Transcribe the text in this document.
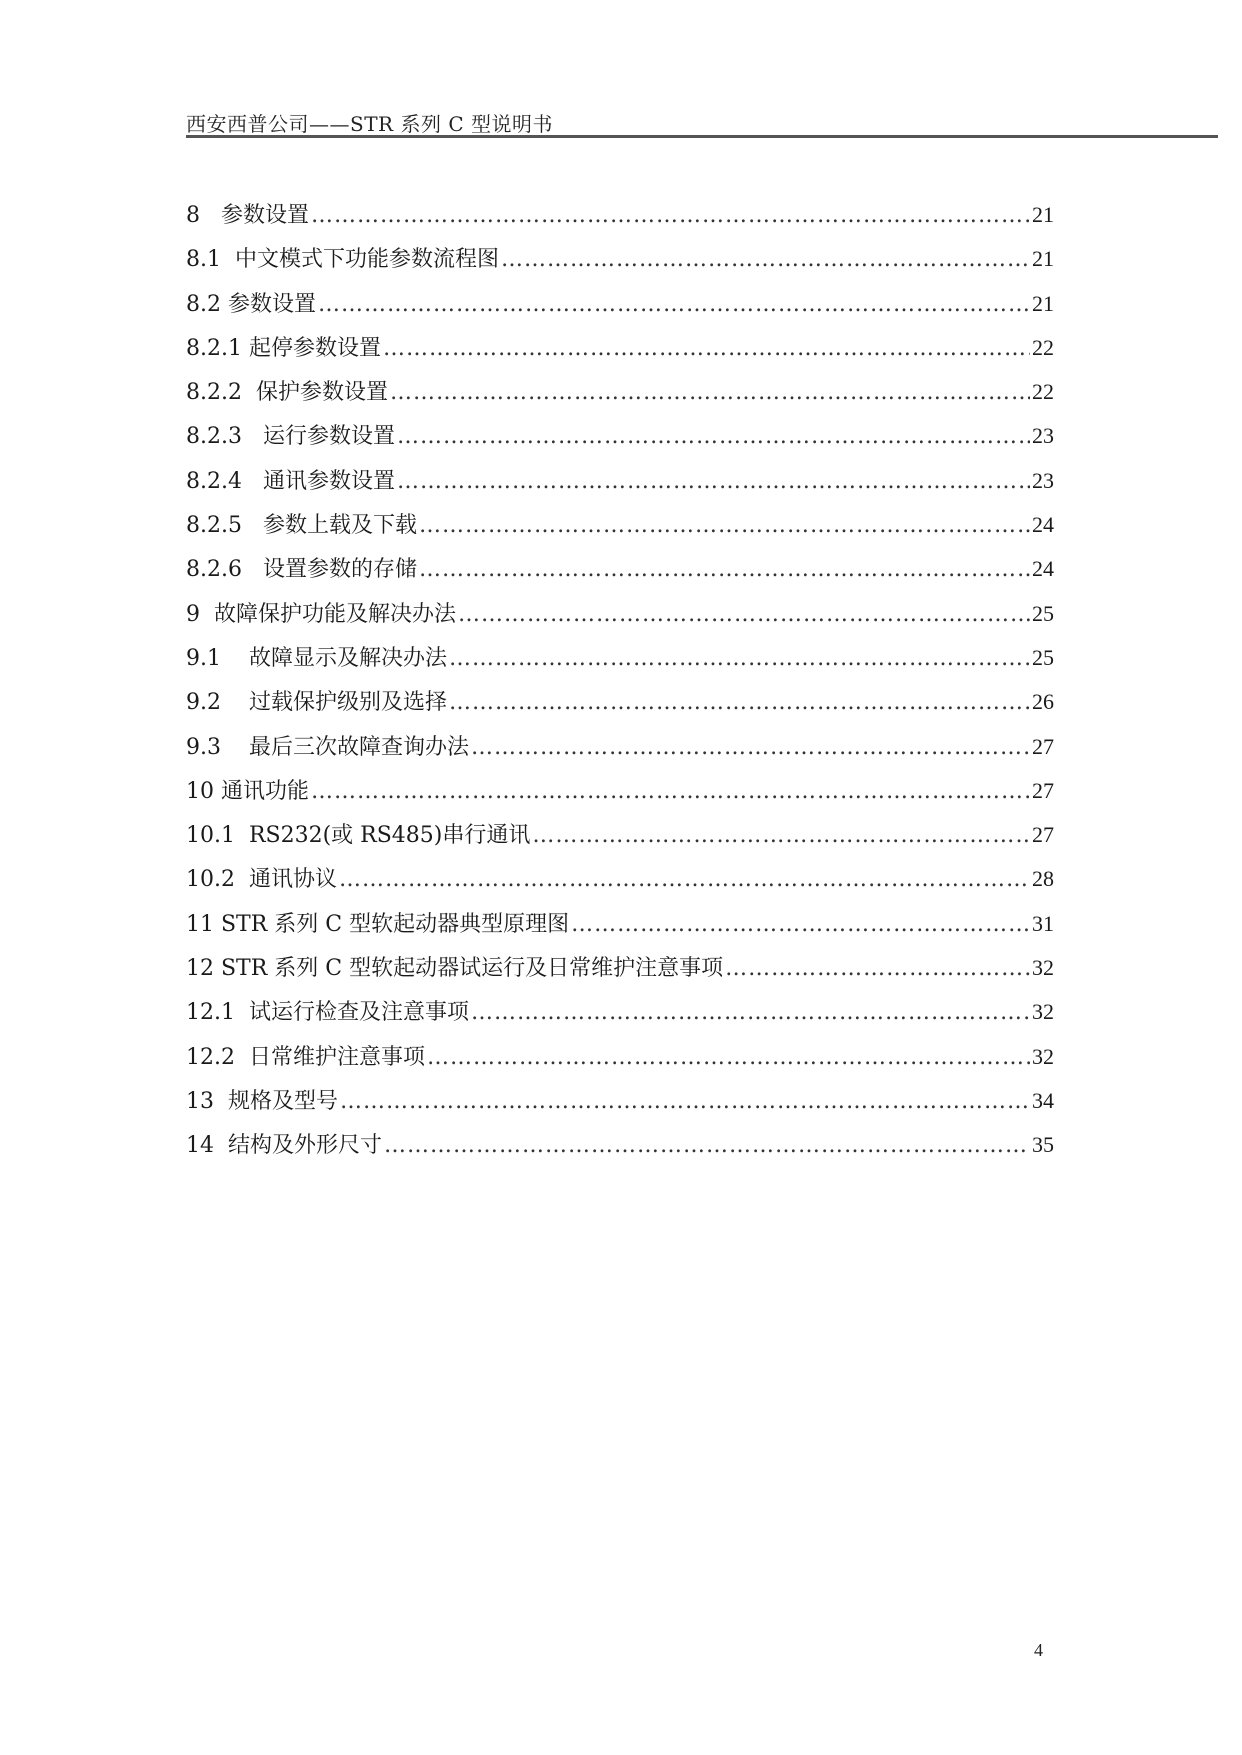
西安西普公司——STR 系列 C 型说明书
8   参数设置 ……………………………………………………………………………………………………………………………………………………………………………………	21
8.1  中文模式下功能参数流程图 ……………………………………………………………………………………………………………………………………………………………………………………	21
8.2 参数设置 ……………………………………………………………………………………………………………………………………………………………………………………	21
8.2.1 起停参数设置 ……………………………………………………………………………………………………………………………………………………………………………………	22
8.2.2  保护参数设置 ……………………………………………………………………………………………………………………………………………………………………………………	22
8.2.3   运行参数设置 ……………………………………………………………………………………………………………………………………………………………………………………	23
8.2.4   通讯参数设置 ……………………………………………………………………………………………………………………………………………………………………………………	23
8.2.5   参数上载及下载 ……………………………………………………………………………………………………………………………………………………………………………………	24
8.2.6   设置参数的存储 ……………………………………………………………………………………………………………………………………………………………………………………	24
9  故障保护功能及解决办法 ……………………………………………………………………………………………………………………………………………………………………………………	25
9.1    故障显示及解决办法 ……………………………………………………………………………………………………………………………………………………………………………………	25
9.2    过载保护级别及选择 ……………………………………………………………………………………………………………………………………………………………………………………	26
9.3    最后三次故障查询办法 ……………………………………………………………………………………………………………………………………………………………………………………	27
10 通讯功能 ……………………………………………………………………………………………………………………………………………………………………………………	27
10.1  RS232(或 RS485)串行通讯 ……………………………………………………………………………………………………………………………………………………………………………………	27
10.2  通讯协议 ……………………………………………………………………………………………………………………………………………………………………………………	28
11 STR 系列 C 型软起动器典型原理图 ……………………………………………………………………………………………………………………………………………………………………………………	31
12 STR 系列 C 型软起动器试运行及日常维护注意事项 ……………………………………………………………………………………………………………………………………………………………………………………	32
12.1  试运行检查及注意事项 ……………………………………………………………………………………………………………………………………………………………………………………	32
12.2  日常维护注意事项 ……………………………………………………………………………………………………………………………………………………………………………………	32
13  规格及型号 ……………………………………………………………………………………………………………………………………………………………………………………	34
14  结构及外形尺寸 ……………………………………………………………………………………………………………………………………………………………………………………	35
4
